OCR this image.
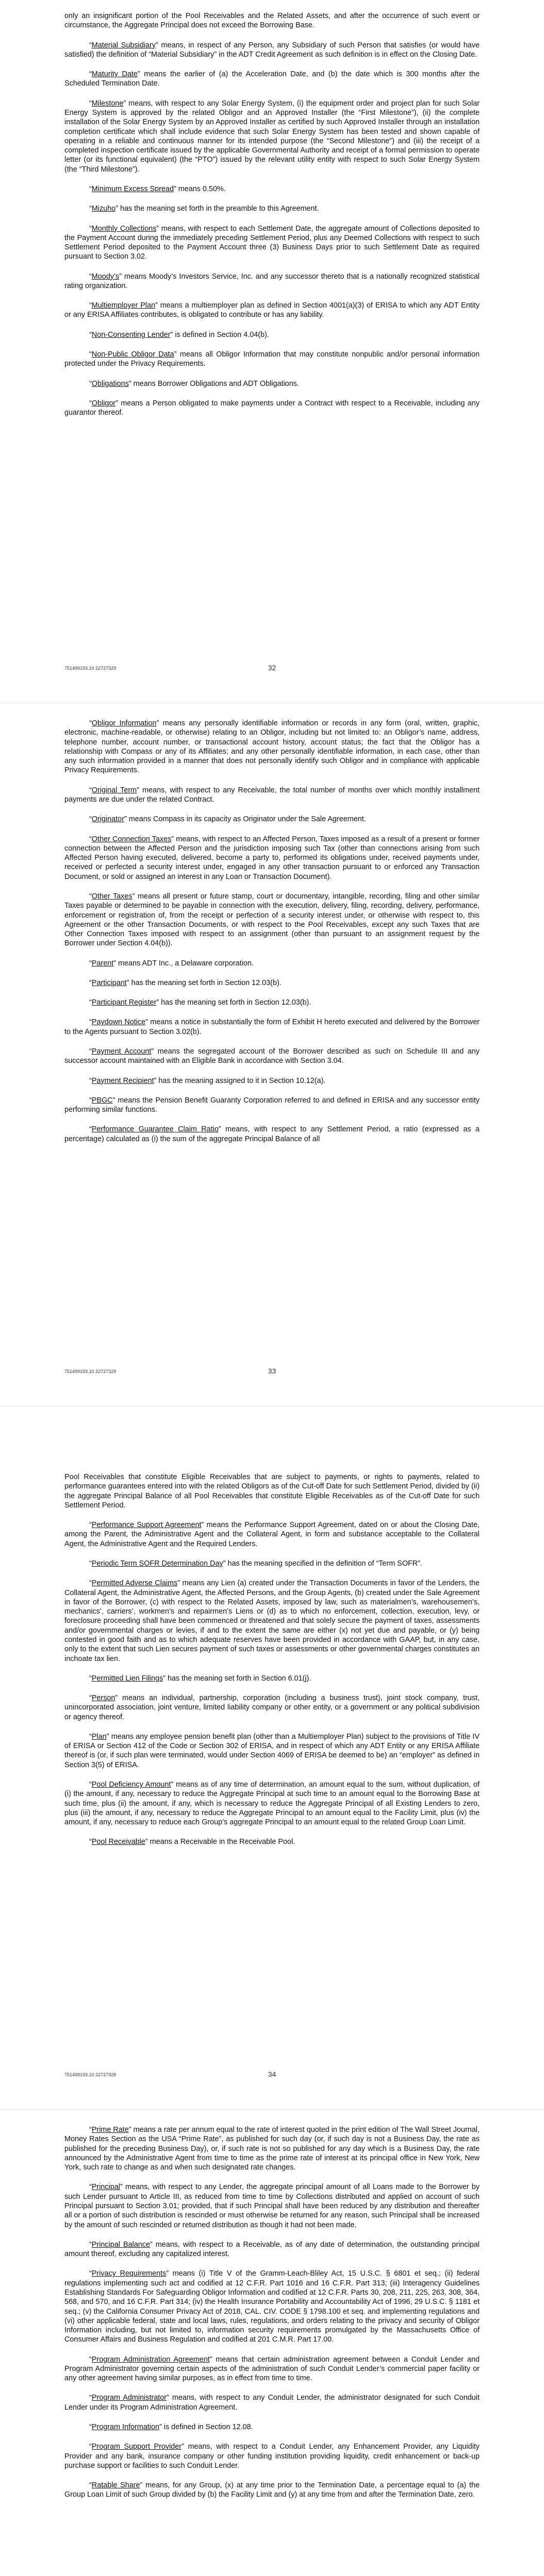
only an insignificant portion of the Pool Receivables and the Related Assets, and after the occurrence of such event or circumstance, the Aggregate Principal does not exceed the Borrowing Base.

“Material Subsidiary” means, in respect of any Person, any Subsidiary of such Person that satisfies (or would have satisfied) the definition of “Material Subsidiary” in the ADT Credit Agreement as such definition is in effect on the Closing Date.

“Maturity Date” means the earlier of (a) the Acceleration Date, and (b) the date which is 300 months after the Scheduled Termination Date.

“Milestone” means, with respect to any Solar Energy System, (i) the equipment order and project plan for such Solar Energy System is approved by the related Obligor and an Approved Installer (the “First Milestone”), (ii) the complete installation of the Solar Energy System by an Approved Installer as certified by such Approved Installer through an installation completion certificate which shall include evidence that such Solar Energy System has been tested and shown capable of operating in a reliable and continuous manner for its intended purpose (the “Second Milestone”) and (iii) the receipt of a completed inspection certificate issued by the applicable Governmental Authority and receipt of a formal permission to operate letter (or its functional equivalent) (the “PTO”) issued by the relevant utility entity with respect to such Solar Energy System (the “Third Milestone”).

“Minimum Excess Spread” means 0.50%.

“Mizuho” has the meaning set forth in the preamble to this Agreement.

“Monthly Collections” means, with respect to each Settlement Date, the aggregate amount of Collections deposited to the Payment Account during the immediately preceding Settlement Period, plus any Deemed Collections with respect to such Settlement Period deposited to the Payment Account three (3) Business Days prior to such Settlement Date as required pursuant to Section 3.02.

“Moody’s” means Moody’s Investors Service, Inc. and any successor thereto that is a nationally recognized statistical rating organization.

“Multiemployer Plan” means a multiemployer plan as defined in Section 4001(a)(3) of ERISA to which any ADT Entity or any ERISA Affiliates contributes, is obligated to contribute or has any liability.

“Non-Consenting Lender” is defined in Section 4.04(b).

“Non-Public Obligor Data” means all Obligor Information that may constitute nonpublic and/or personal information protected under the Privacy Requirements.

“Obligations” means Borrower Obligations and ADT Obligations.

“Obligor” means a Person obligated to make payments under a Contract with respect to a Receivable, including any guarantor thereof.

32
751499193.10 22727329

“Obligor Information” means any personally identifiable information or records in any form (oral, written, graphic, electronic, machine-readable, or otherwise) relating to an Obligor, including but not limited to: an Obligor’s name, address, telephone number, account number, or transactional account history, account status; the fact that the Obligor has a relationship with Compass or any of its Affiliates; and any other personally identifiable information, in each case, other than any such information provided in a manner that does not personally identify such Obligor and in compliance with applicable Privacy Requirements.

“Original Term” means, with respect to any Receivable, the total number of months over which monthly installment payments are due under the related Contract.

“Originator” means Compass in its capacity as Originator under the Sale Agreement.

“Other Connection Taxes” means, with respect to an Affected Person, Taxes imposed as a result of a present or former connection between the Affected Person and the jurisdiction imposing such Tax (other than connections arising from such Affected Person having executed, delivered, become a party to, performed its obligations under, received payments under, received or perfected a security interest under, engaged in any other transaction pursuant to or enforced any Transaction Document, or sold or assigned an interest in any Loan or Transaction Document).

“Other Taxes” means all present or future stamp, court or documentary, intangible, recording, filing and other similar Taxes payable or determined to be payable in connection with the execution, delivery, filing, recording, delivery, performance, enforcement or registration of, from the receipt or perfection of a security interest under, or otherwise with respect to, this Agreement or the other Transaction Documents, or with respect to the Pool Receivables, except any such Taxes that are Other Connection Taxes imposed with respect to an assignment (other than pursuant to an assignment request by the Borrower under Section 4.04(b)).

“Parent” means ADT Inc., a Delaware corporation.

“Participant” has the meaning set forth in Section 12.03(b).

“Participant Register” has the meaning set forth in Section 12.03(b).

“Paydown Notice” means a notice in substantially the form of Exhibit H hereto executed and delivered by the Borrower to the Agents pursuant to Section 3.02(b).

“Payment Account” means the segregated account of the Borrower described as such on Schedule III and any successor account maintained with an Eligible Bank in accordance with Section 3.04.

“Payment Recipient” has the meaning assigned to it in Section 10.12(a).

“PBGC” means the Pension Benefit Guaranty Corporation referred to and defined in ERISA and any successor entity performing similar functions.

“Performance Guarantee Claim Ratio” means, with respect to any Settlement Period, a ratio (expressed as a percentage) calculated as (i) the sum of the aggregate Principal Balance of all

33
751499193.10 22727329

Pool Receivables that constitute Eligible Receivables that are subject to payments, or rights to payments, related to performance guarantees entered into with the related Obligors as of the Cut-off Date for such Settlement Period, divided by (ii) the aggregate Principal Balance of all Pool Receivables that constitute Eligible Receivables as of the Cut-off Date for such Settlement Period.

“Performance Support Agreement” means the Performance Support Agreement, dated on or about the Closing Date, among the Parent, the Administrative Agent and the Collateral Agent, in form and substance acceptable to the Collateral Agent, the Administrative Agent and the Required Lenders.

“Periodic Term SOFR Determination Day” has the meaning specified in the definition of “Term SOFR”.

“Permitted Adverse Claims” means any Lien (a) created under the Transaction Documents in favor of the Lenders, the Collateral Agent, the Administrative Agent, the Affected Persons, and the Group Agents, (b) created under the Sale Agreement in favor of the Borrower, (c) with respect to the Related Assets, imposed by law, such as materialmen’s, warehousemen’s, mechanics’, carriers’, workmen’s and repairmen’s Liens or (d) as to which no enforcement, collection, execution, levy, or foreclosure proceeding shall have been commenced or threatened and that solely secure the payment of taxes, assessments and/or governmental charges or levies, if and to the extent the same are either (x) not yet due and payable, or (y) being contested in good faith and as to which adequate reserves have been provided in accordance with GAAP, but, in any case, only to the extent that such Lien secures payment of such taxes or assessments or other governmental charges constitutes an inchoate tax lien.

“Permitted Lien Filings” has the meaning set forth in Section 6.01(j).

“Person” means an individual, partnership, corporation (including a business trust), joint stock company, trust, unincorporated association, joint venture, limited liability company or other entity, or a government or any political subdivision or agency thereof.

“Plan” means any employee pension benefit plan (other than a Multiemployer Plan) subject to the provisions of Title IV of ERISA or Section 412 of the Code or Section 302 of ERISA, and in respect of which any ADT Entity or any ERISA Affiliate thereof is (or, if such plan were terminated, would under Section 4069 of ERISA be deemed to be) an “employer” as defined in Section 3(5) of ERISA.

“Pool Deficiency Amount” means as of any time of determination, an amount equal to the sum, without duplication, of (i) the amount, if any, necessary to reduce the Aggregate Principal at such time to an amount equal to the Borrowing Base at such time, plus (ii) the amount, if any, which is necessary to reduce the Aggregate Principal of all Existing Lenders to zero, plus (iii) the amount, if any, necessary to reduce the Aggregate Principal to an amount equal to the Facility Limit, plus (iv) the amount, if any, necessary to reduce each Group’s aggregate Principal to an amount equal to the related Group Loan Limit.

“Pool Receivable” means a Receivable in the Receivable Pool.

34
751499193.10 22727329

“Prime Rate” means a rate per annum equal to the rate of interest quoted in the print edition of The Wall Street Journal, Money Rates Section as the USA “Prime Rate”, as published for such day (or, if such day is not a Business Day, the rate as published for the preceding Business Day), or, if such rate is not so published for any day which is a Business Day, the rate announced by the Administrative Agent from time to time as the prime rate of interest at its principal office in New York, New York, such rate to change as and when such designated rate changes.

“Principal” means, with respect to any Lender, the aggregate principal amount of all Loans made to the Borrower by such Lender pursuant to Article III, as reduced from time to time by Collections distributed and applied on account of such Principal pursuant to Section 3.01; provided, that if such Principal shall have been reduced by any distribution and thereafter all or a portion of such distribution is rescinded or must otherwise be returned for any reason, such Principal shall be increased by the amount of such rescinded or returned distribution as though it had not been made.

“Principal Balance” means, with respect to a Receivable, as of any date of determination, the outstanding principal amount thereof, excluding any capitalized interest.

“Privacy Requirements” means (i) Title V of the Gramm-Leach-Bliley Act, 15 U.S.C. § 6801 et seq.; (ii) federal regulations implementing such act and codified at 12 C.F.R. Part 1016 and 16 C.F.R. Part 313; (iii) Interagency Guidelines Establishing Standards For Safeguarding Obligor Information and codified at 12 C.F.R. Parts 30, 208, 211, 225, 263, 308, 364, 568, and 570, and 16 C.F.R. Part 314; (iv) the Health Insurance Portability and Accountability Act of 1996, 29 U.S.C. § 1181 et seq.; (v) the California Consumer Privacy Act of 2018, CAL. CIV. CODE § 1798.100 et seq. and implementing regulations and (vi) other applicable federal, state and local laws, rules, regulations, and orders relating to the privacy and security of Obligor Information including, but not limited to, information security requirements promulgated by the Massachusetts Office of Consumer Affairs and Business Regulation and codified at 201 C.M.R. Part 17.00.

“Program Administration Agreement” means that certain administration agreement between a Conduit Lender and Program Administrator governing certain aspects of the administration of such Conduit Lender’s commercial paper facility or any other agreement having similar purposes, as in effect from time to time.

“Program Administrator” means, with respect to any Conduit Lender, the administrator designated for such Conduit Lender under its Program Administration Agreement.

“Program Information” is defined in Section 12.08.

“Program Support Provider” means, with respect to a Conduit Lender, any Enhancement Provider, any Liquidity Provider and any bank, insurance company or other funding institution providing liquidity, credit enhancement or back-up purchase support or facilities to such Conduit Lender.

“Ratable Share” means, for any Group, (x) at any time prior to the Termination Date, a percentage equal to (a) the Group Loan Limit of such Group divided by (b) the Facility Limit and (y) at any time from and after the Termination Date, zero.
